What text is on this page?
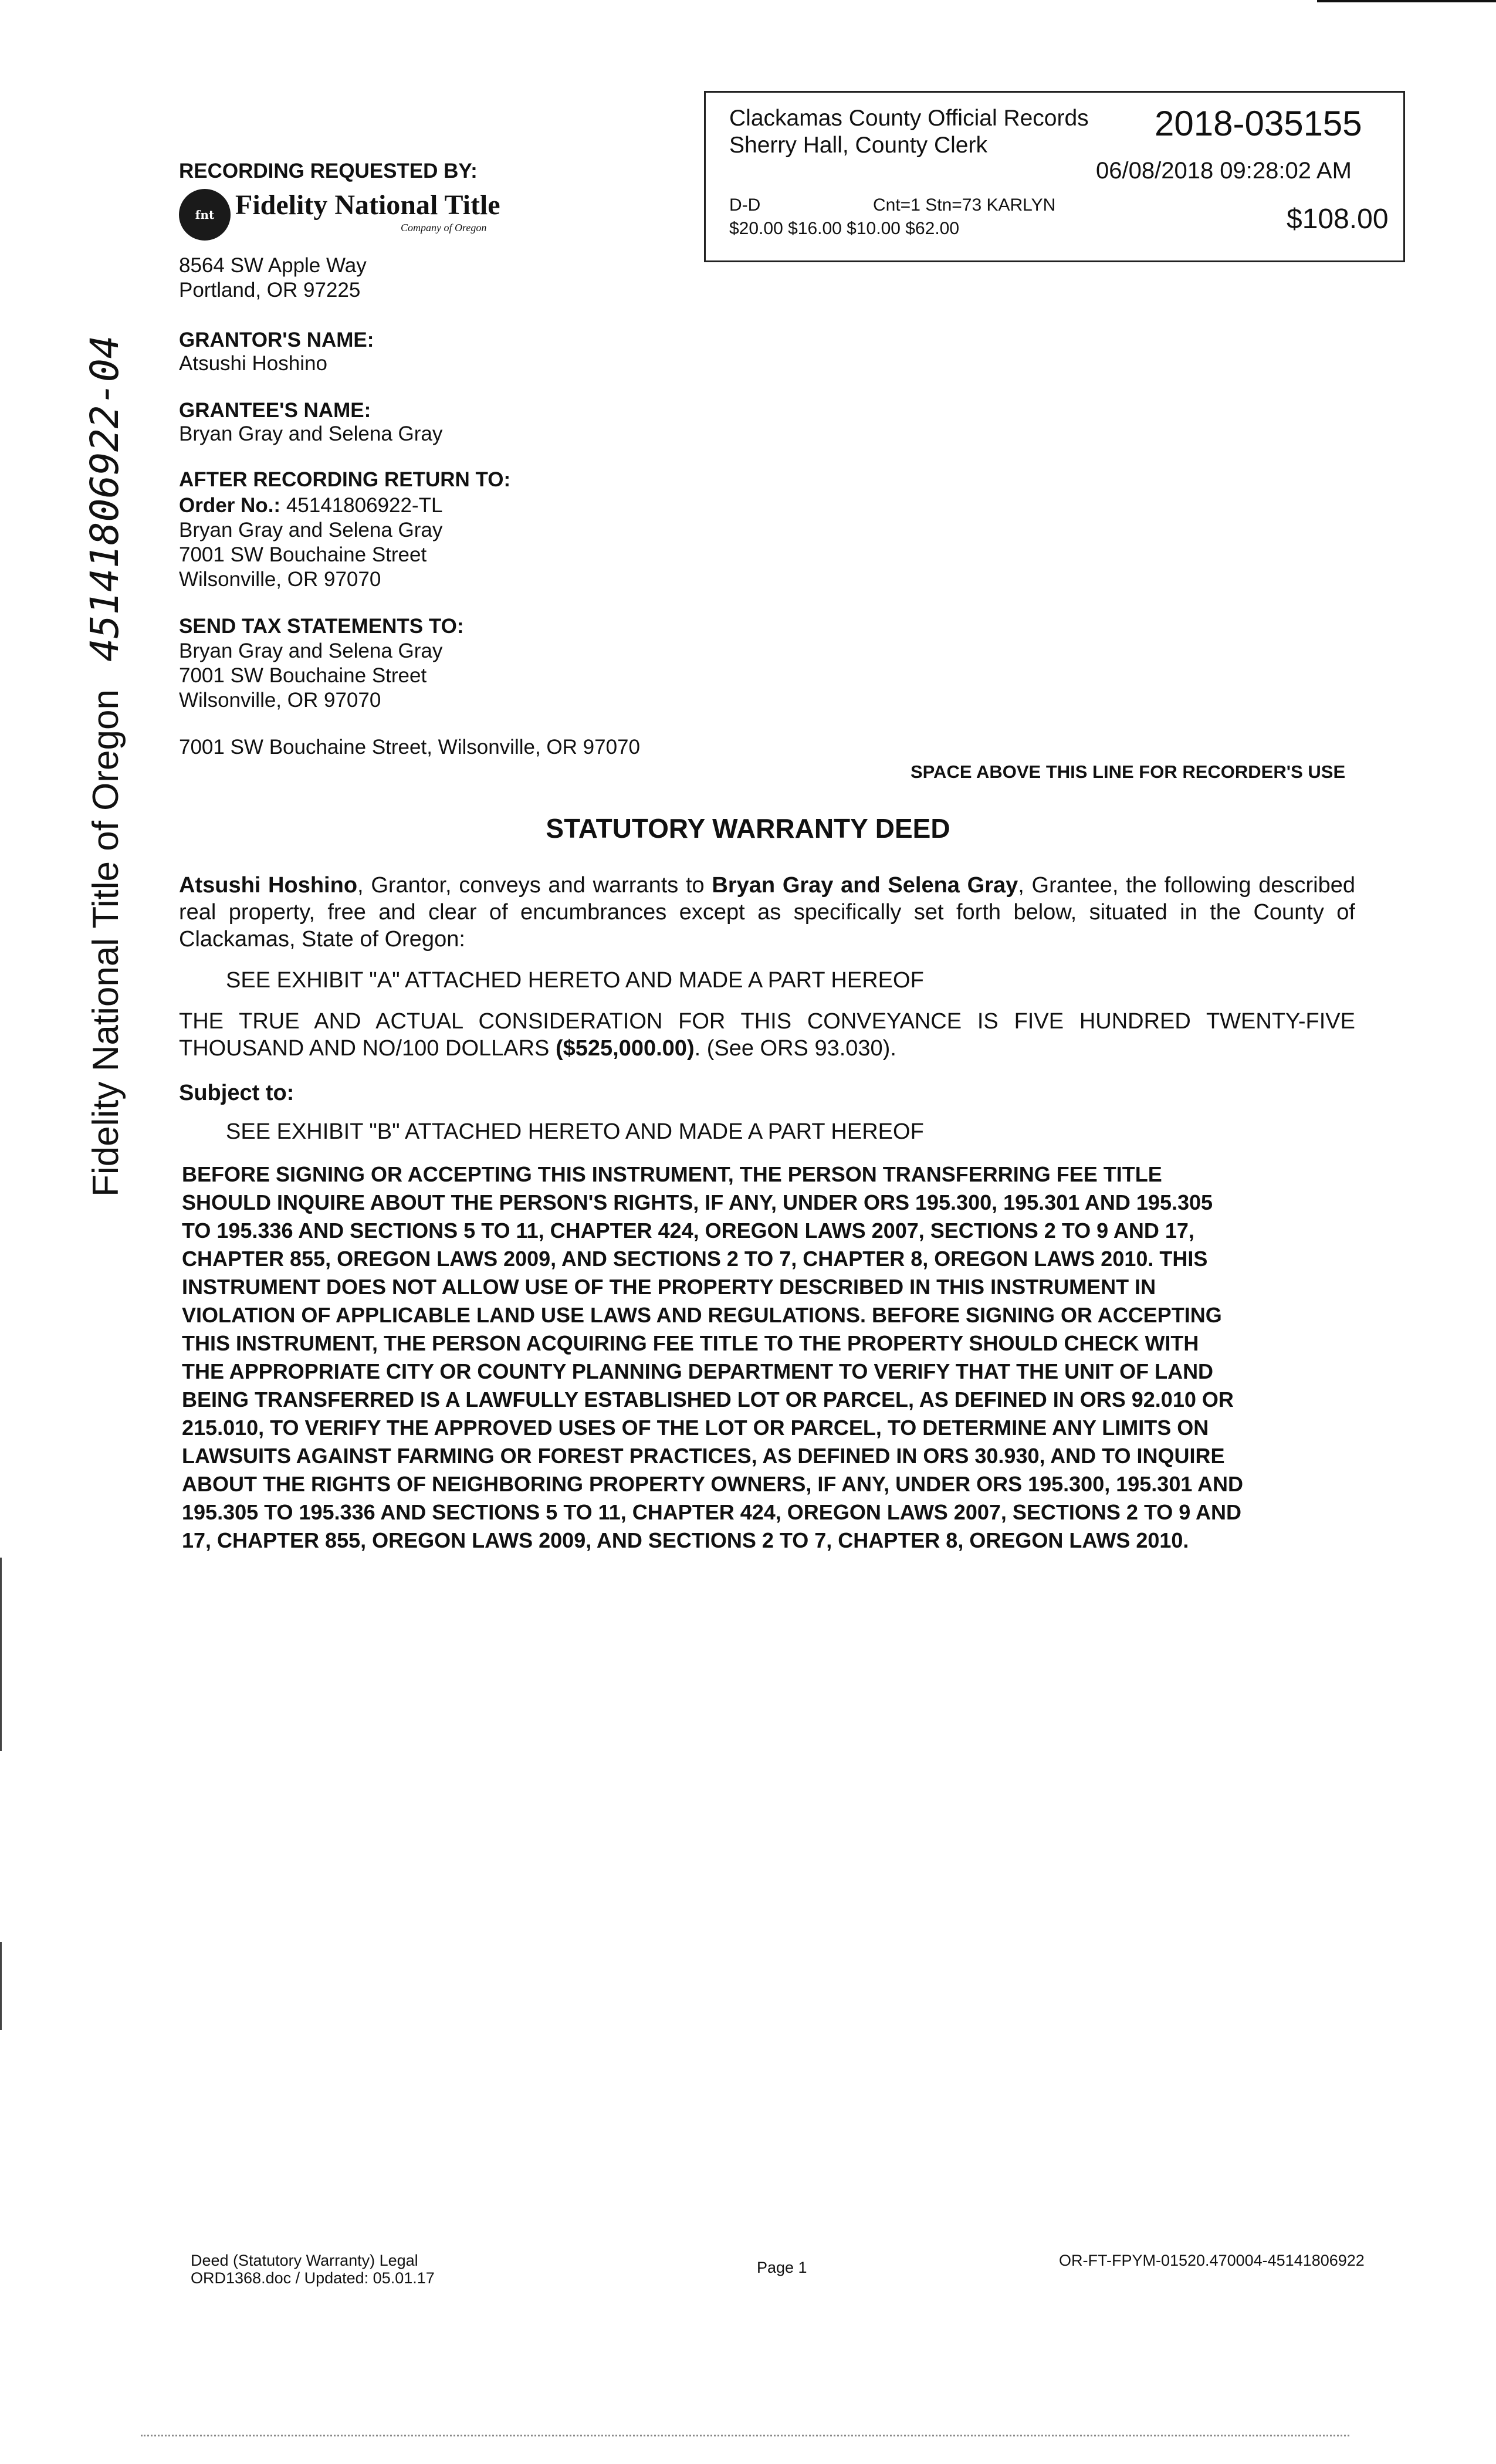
Clackamas County Official Records
Sherry Hall, County Clerk
2018-035155
06/08/2018 09:28:02 AM
D-D	Cnt=1 Stn=73 KARLYN
$20.00 $16.00 $10.00 $62.00	$108.00
RECORDING REQUESTED BY:
fnt Fidelity National Title
Company of Oregon
8564 SW Apple Way
Portland, OR 97225
GRANTOR'S NAME:
Atsushi Hoshino
GRANTEE'S NAME:
Bryan Gray and Selena Gray
AFTER RECORDING RETURN TO:
Order No.: 45141806922-TL
Bryan Gray and Selena Gray
7001 SW Bouchaine Street
Wilsonville, OR 97070
SEND TAX STATEMENTS TO:
Bryan Gray and Selena Gray
7001 SW Bouchaine Street
Wilsonville, OR 97070
7001 SW Bouchaine Street, Wilsonville, OR 97070
SPACE ABOVE THIS LINE FOR RECORDER'S USE
STATUTORY WARRANTY DEED
Atsushi Hoshino, Grantor, conveys and warrants to Bryan Gray and Selena Gray, Grantee, the following described real property, free and clear of encumbrances except as specifically set forth below, situated in the County of Clackamas, State of Oregon:
SEE EXHIBIT "A" ATTACHED HERETO AND MADE A PART HEREOF
THE TRUE AND ACTUAL CONSIDERATION FOR THIS CONVEYANCE IS FIVE HUNDRED TWENTY-FIVE THOUSAND AND NO/100 DOLLARS ($525,000.00). (See ORS 93.030).
Subject to:
SEE EXHIBIT "B" ATTACHED HERETO AND MADE A PART HEREOF
BEFORE SIGNING OR ACCEPTING THIS INSTRUMENT, THE PERSON TRANSFERRING FEE TITLE
SHOULD INQUIRE ABOUT THE PERSON'S RIGHTS, IF ANY, UNDER ORS 195.300, 195.301 AND 195.305
TO 195.336 AND SECTIONS 5 TO 11, CHAPTER 424, OREGON LAWS 2007, SECTIONS 2 TO 9 AND 17,
CHAPTER 855, OREGON LAWS 2009, AND SECTIONS 2 TO 7, CHAPTER 8, OREGON LAWS 2010. THIS
INSTRUMENT DOES NOT ALLOW USE OF THE PROPERTY DESCRIBED IN THIS INSTRUMENT IN
VIOLATION OF APPLICABLE LAND USE LAWS AND REGULATIONS. BEFORE SIGNING OR ACCEPTING
THIS INSTRUMENT, THE PERSON ACQUIRING FEE TITLE TO THE PROPERTY SHOULD CHECK WITH
THE APPROPRIATE CITY OR COUNTY PLANNING DEPARTMENT TO VERIFY THAT THE UNIT OF LAND
BEING TRANSFERRED IS A LAWFULLY ESTABLISHED LOT OR PARCEL, AS DEFINED IN ORS 92.010 OR
215.010, TO VERIFY THE APPROVED USES OF THE LOT OR PARCEL, TO DETERMINE ANY LIMITS ON
LAWSUITS AGAINST FARMING OR FOREST PRACTICES, AS DEFINED IN ORS 30.930, AND TO INQUIRE
ABOUT THE RIGHTS OF NEIGHBORING PROPERTY OWNERS, IF ANY, UNDER ORS 195.300, 195.301 AND
195.305 TO 195.336 AND SECTIONS 5 TO 11, CHAPTER 424, OREGON LAWS 2007, SECTIONS 2 TO 9 AND
17, CHAPTER 855, OREGON LAWS 2009, AND SECTIONS 2 TO 7, CHAPTER 8, OREGON LAWS 2010.
Fidelity National Title of Oregon 45141806922-04
Deed (Statutory Warranty) Legal
ORD1368.doc / Updated: 05.01.17
Page 1	OR-FT-FPYM-01520.470004-45141806922
